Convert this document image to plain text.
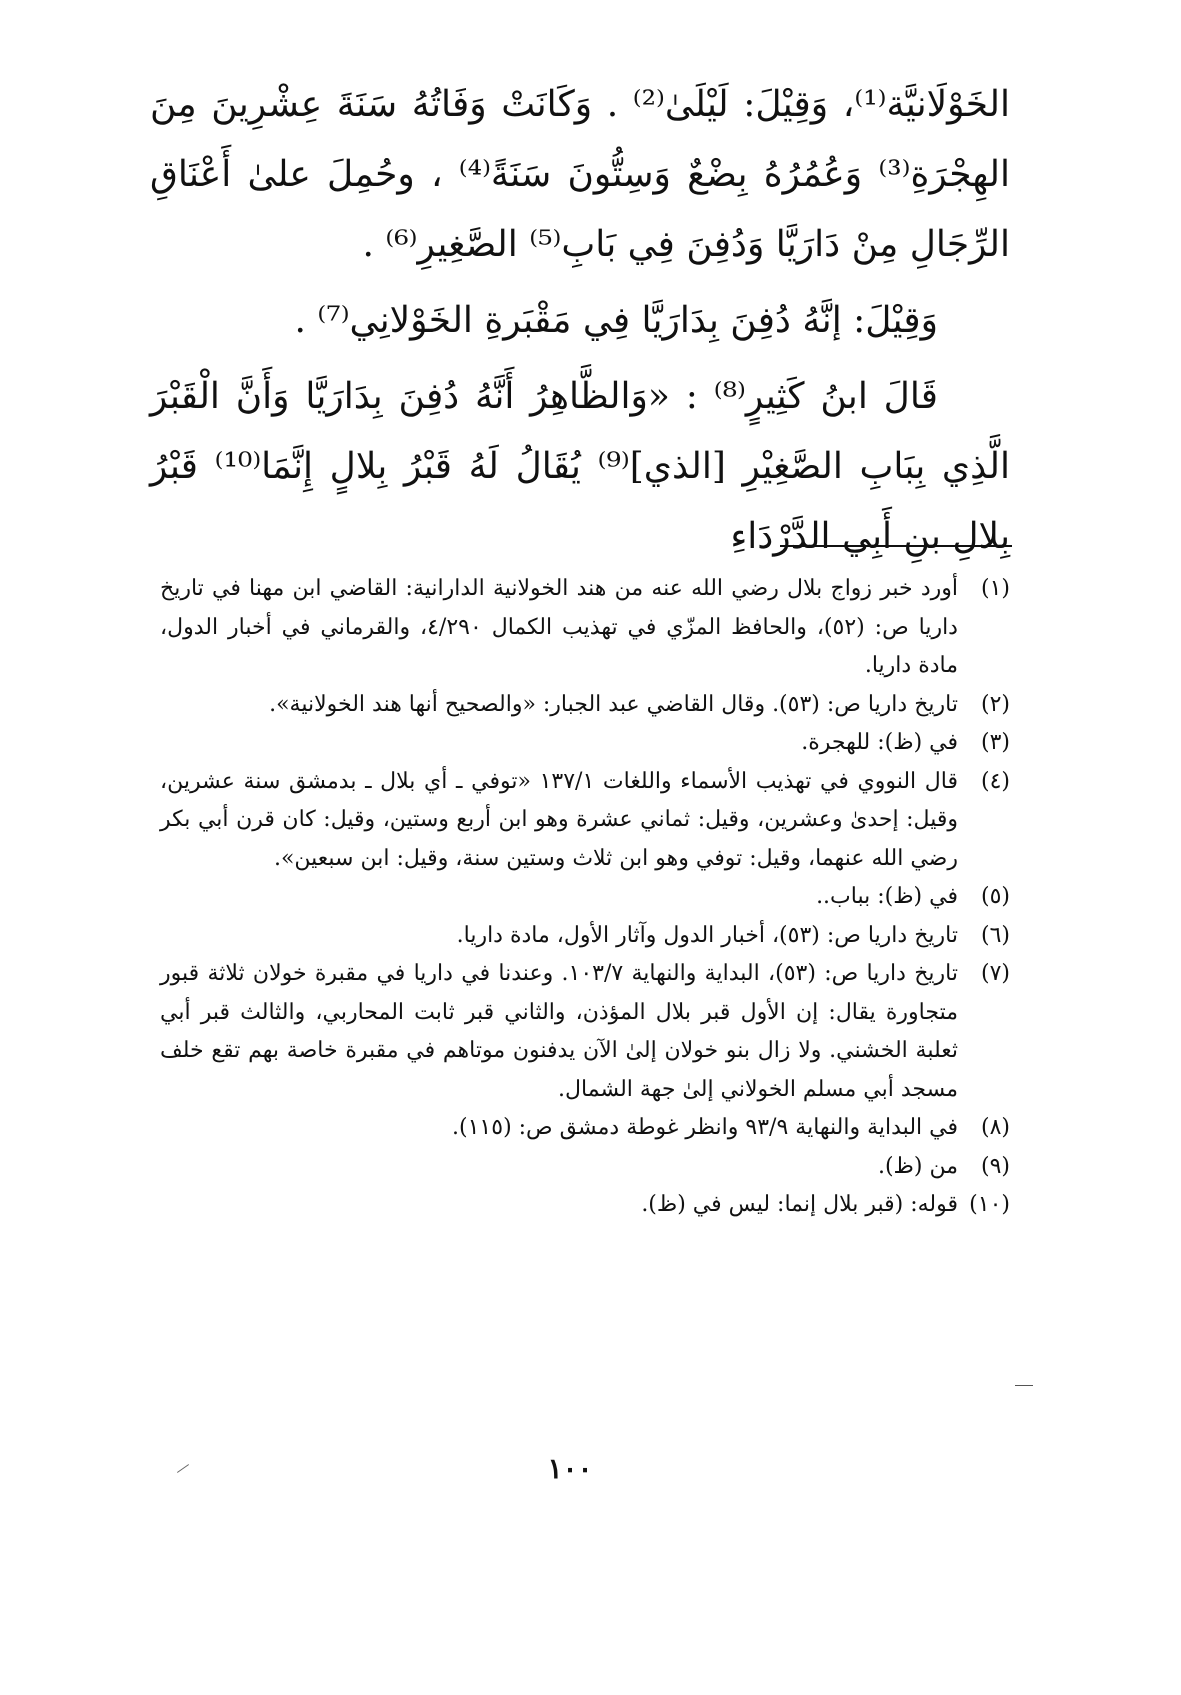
الخَوْلَانيَّة⁽¹⁾، وَقِيْلَ: لَيْلَىٰ⁽²⁾ . وَكَانَتْ وَفَاتُهُ سَنَةَ عِشْرِينَ مِنَ الهِجْرَةِ⁽³⁾ وَعُمُرُهُ بِضْعٌ وَسِتُّونَ سَنَةً⁽⁴⁾ ، وحُمِلَ علىٰ أَعْنَاقِ الرِّجَالِ مِنْ دَارَيَّا وَدُفِنَ فِي بَابِ⁽⁵⁾ الصَّغِيرِ⁽⁶⁾ .

وَقِيْلَ: إنَّهُ دُفِنَ بِدَارَيَّا فِي مَقْبَرةِ الخَوْلانِي⁽⁷⁾ .

قَالَ ابنُ كَثِيرٍ⁽⁸⁾ : «وَالظَّاهِرُ أَنَّهُ دُفِنَ بِدَارَيَّا وَأَنَّ الْقَبْرَ الَّذِي بِبَابِ الصَّغِيْرِ [الذي]⁽⁹⁾ يُقَالُ لَهُ قَبْرُ بِلالٍ إِنَّمَا⁽¹⁰⁾ قَبْرُ بِلالِ بنِ أَبِي الدَّرْدَاءِ

(١)
أورد خبر زواج بلال رضي الله عنه من هند الخولانية الدارانية: القاضي ابن مهنا في تاريخ داريا ص: (٥٢)، والحافظ المزّي في تهذيب الكمال ٤/٢٩٠، والقرماني في أخبار الدول، مادة داريا.
(٢)
تاريخ داريا ص: (٥٣). وقال القاضي عبد الجبار: «والصحيح أنها هند الخولانية».
(٣)
في (ظ): للهجرة.
(٤)
قال النووي في تهذيب الأسماء واللغات ١٣٧/١ «توفي ـ أي بلال ـ بدمشق سنة عشرين، وقيل: إحدىٰ وعشرين، وقيل: ثماني عشرة وهو ابن أربع وستين، وقيل: كان قرن أبي بكر رضي الله عنهما، وقيل: توفي وهو ابن ثلاث وستين سنة، وقيل: ابن سبعين».
(٥)
في (ظ): بباب..
(٦)
تاريخ داريا ص: (٥٣)، أخبار الدول وآثار الأول، مادة داريا.
(٧)
تاريخ داريا ص: (٥٣)، البداية والنهاية ١٠٣/٧. وعندنا في داريا في مقبرة خولان ثلاثة قبور متجاورة يقال: إن الأول قبر بلال المؤذن، والثاني قبر ثابت المحاربي، والثالث قبر أبي ثعلبة الخشني. ولا زال بنو خولان إلىٰ الآن يدفنون موتاهم في مقبرة خاصة بهم تقع خلف مسجد أبي مسلم الخولاني إلىٰ جهة الشمال.
(٨)
في البداية والنهاية ٩٣/٩ وانظر غوطة دمشق ص: (١١٥).
(٩)
من (ظ).
(١٠)
قوله: (قبر بلال إنما: ليس في (ظ).
١٠٠
